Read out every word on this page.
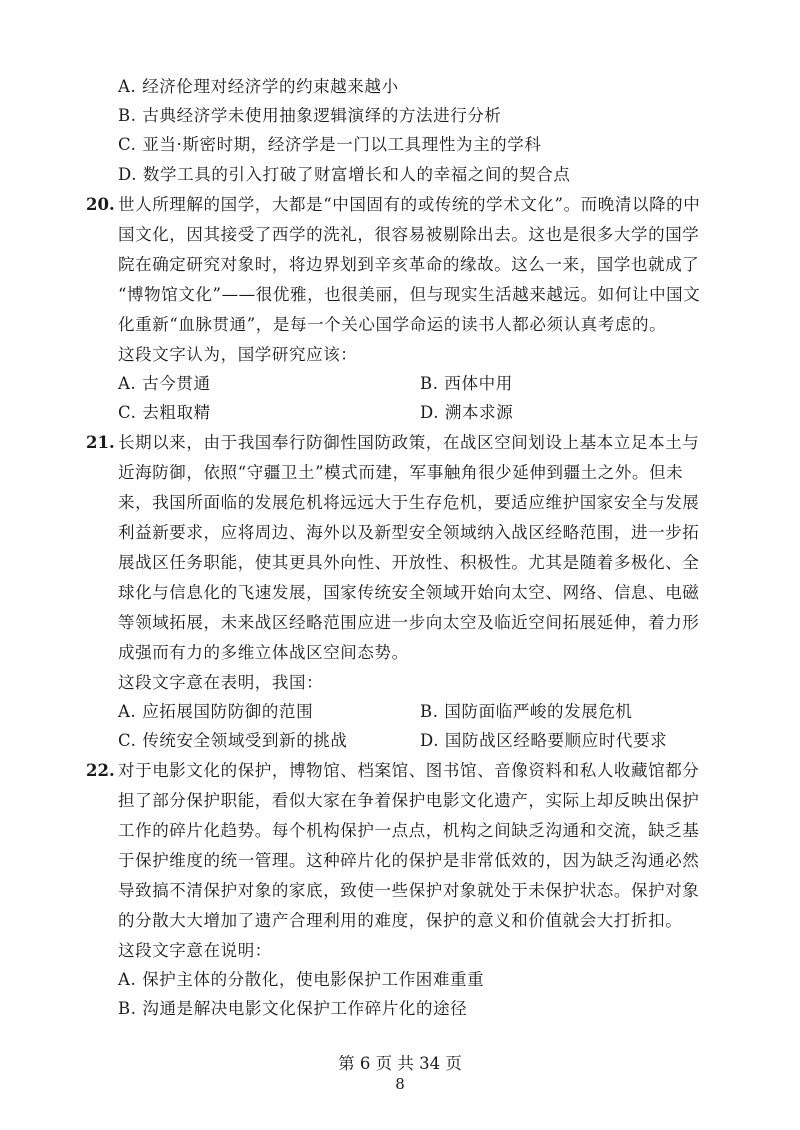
A. 经济伦理对经济学的约束越来越小
B. 古典经济学未使用抽象逻辑演绎的方法进行分析
C. 亚当·斯密时期，经济学是一门以工具理性为主的学科
D. 数学工具的引入打破了财富增长和人的幸福之间的契合点
20. 世人所理解的国学，大都是“中国固有的或传统的学术文化”。而晚清以降的中
国文化，因其接受了西学的洗礼，很容易被剔除出去。这也是很多大学的国学
院在确定研究对象时，将边界划到辛亥革命的缘故。这么一来，国学也就成了
“博物馆文化”——很优雅，也很美丽，但与现实生活越来越远。如何让中国文
化重新“血脉贯通”，是每一个关心国学命运的读书人都必须认真考虑的。
这段文字认为，国学研究应该：
A. 古今贯通	B. 西体中用
C. 去粗取精	D. 溯本求源
21. 长期以来，由于我国奉行防御性国防政策，在战区空间划设上基本立足本土与
近海防御，依照“守疆卫土”模式而建，军事触角很少延伸到疆土之外。但未
来，我国所面临的发展危机将远远大于生存危机，要适应维护国家安全与发展
利益新要求，应将周边、海外以及新型安全领域纳入战区经略范围，进一步拓
展战区任务职能，使其更具外向性、开放性、积极性。尤其是随着多极化、全
球化与信息化的飞速发展，国家传统安全领域开始向太空、网络、信息、电磁
等领域拓展，未来战区经略范围应进一步向太空及临近空间拓展延伸，着力形
成强而有力的多维立体战区空间态势。
这段文字意在表明，我国：
A. 应拓展国防防御的范围	B. 国防面临严峻的发展危机
C. 传统安全领域受到新的挑战	D. 国防战区经略要顺应时代要求
22. 对于电影文化的保护，博物馆、档案馆、图书馆、音像资料和私人收藏馆都分
担了部分保护职能，看似大家在争着保护电影文化遗产，实际上却反映出保护
工作的碎片化趋势。每个机构保护一点点，机构之间缺乏沟通和交流，缺乏基
于保护维度的统一管理。这种碎片化的保护是非常低效的，因为缺乏沟通必然
导致搞不清保护对象的家底，致使一些保护对象就处于未保护状态。保护对象
的分散大大增加了遗产合理利用的难度，保护的意义和价值就会大打折扣。
这段文字意在说明：
A. 保护主体的分散化，使电影保护工作困难重重
B. 沟通是解决电影文化保护工作碎片化的途径
第 6 页 共 34 页
8
